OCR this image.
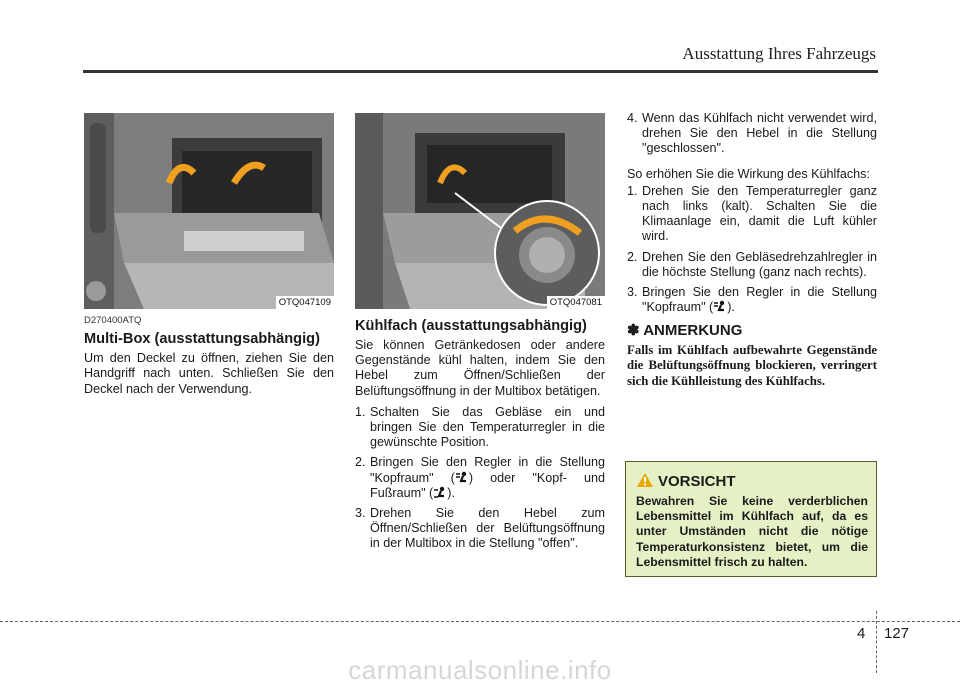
Ausstattung Ihres Fahrzeugs
OTQ047109	OTQ047081
D270400ATQ
Multi-Box (ausstattungsabhängig)

Um den Deckel zu öffnen, ziehen Sie den Handgriff nach unten. Schließen Sie den Deckel nach der Verwendung.

Kühlfach (ausstattungsabhängig)

Sie können Getränkedosen oder andere Gegenstände kühl halten, indem Sie den Hebel zum Öffnen/Schließen der Belüftungsöffnung in der Multibox betätigen.

1. Schalten Sie das Gebläse ein und bringen Sie den Temperaturregler in die gewünschte Position.
2. Bringen Sie den Regler in die Stellung "Kopfraum" ( ) oder "Kopf- und Fußraum" ( ).
3. Drehen Sie den Hebel zum Öffnen/Schließen der Belüftungsöffnung in der Multibox in die Stellung "offen".
4. Wenn das Kühlfach nicht verwendet wird, drehen Sie den Hebel in die Stellung "geschlossen".

So erhöhen Sie die Wirkung des Kühlfachs:

1. Drehen Sie den Temperaturregler ganz nach links (kalt). Schalten Sie die Klimaanlage ein, damit die Luft kühler wird.
2. Drehen Sie den Gebläsedrehzahlregler in die höchste Stellung (ganz nach rechts).
3. Bringen Sie den Regler in die Stellung "Kopfraum" ( ).
✽ ANMERKUNG
Falls im Kühlfach aufbewahrte Gegenstände die Belüftungsöffnung blockieren, verringert sich die Kühlleistung des Kühlfachs.
VORSICHT
Bewahren Sie keine verderblichen Lebensmittel im Kühlfach auf, da es unter Umständen nicht die nötige Temperaturkonsistenz bietet, um die Lebensmittel frisch zu halten.
4 127
carmanualsonline.info
